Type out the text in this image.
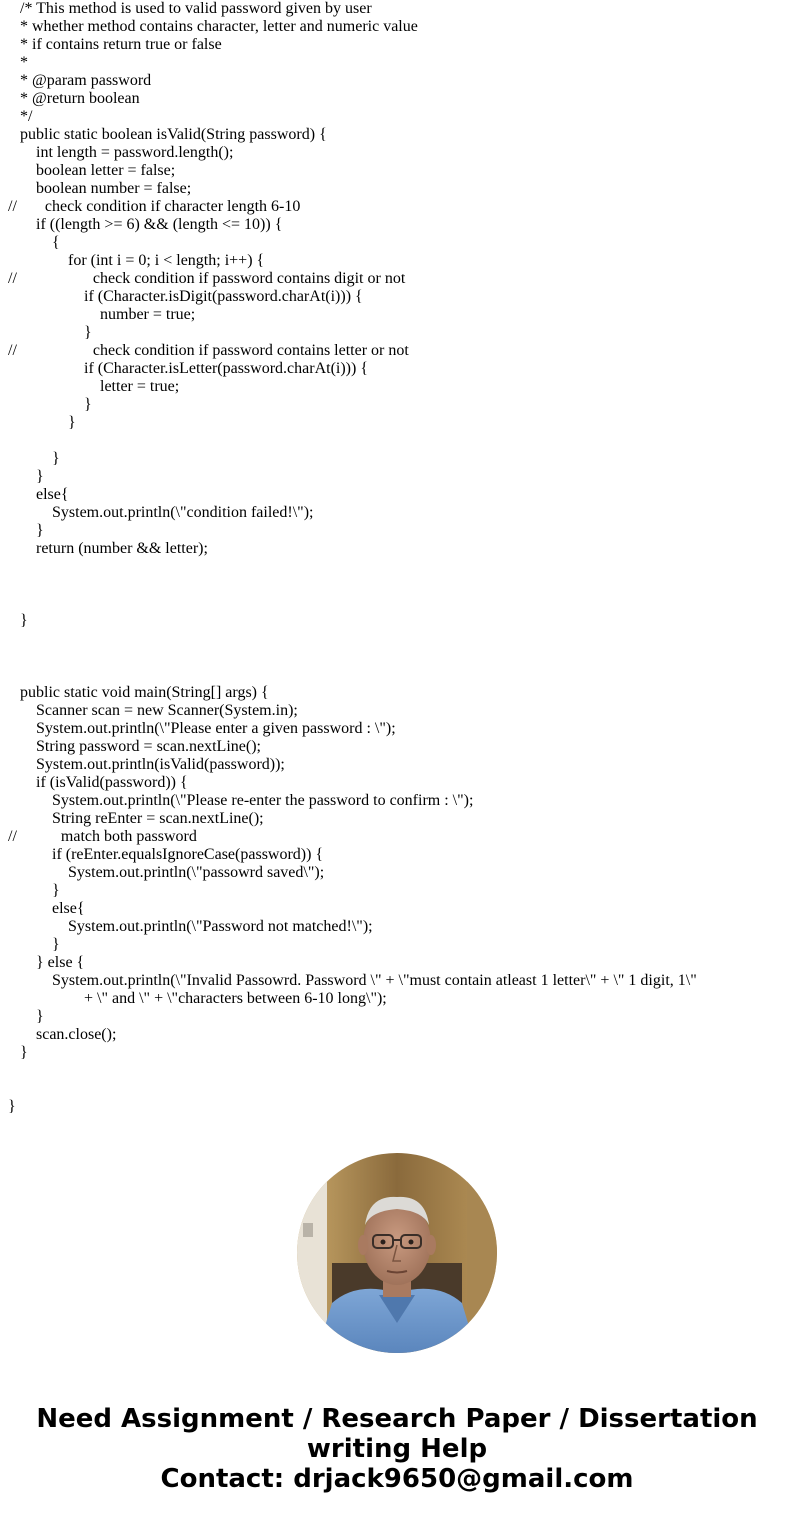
/* This method is used to valid password given by user
* whether method contains character, letter and numeric value
* if contains return true or false
*
* @param password
* @return boolean
*/
public static boolean isValid(String password) {
int length = password.length();
boolean letter = false;
boolean number = false;
//       check condition if character length 6-10
if ((length >= 6) && (length <= 10)) {
{
for (int i = 0; i < length; i++) {
//                   check condition if password contains digit or not
if (Character.isDigit(password.charAt(i))) {
number = true;
}
//                   check condition if password contains letter or not
if (Character.isLetter(password.charAt(i))) {
letter = true;
}
}
}
}
else{
System.out.println(\"condition failed!\");
}
return (number && letter);
}
public static void main(String[] args) {
Scanner scan = new Scanner(System.in);
System.out.println(\"Please enter a given password : \");
String password = scan.nextLine();
System.out.println(isValid(password));
if (isValid(password)) {
System.out.println(\"Please re-enter the password to confirm : \");
String reEnter = scan.nextLine();
//           match both password
if (reEnter.equalsIgnoreCase(password)) {
System.out.println(\"passowrd saved\");
}
else{
System.out.println(\"Password not matched!\");
}
} else {
System.out.println(\"Invalid Passowrd. Password \" + \"must contain atleast 1 letter\" + \" 1 digit, 1\"
+ \" and \" + \"characters between 6-10 long\");
}
scan.close();
}
}
Need Assignment / Research Paper / Dissertation
writing Help
Contact: drjack9650@gmail.com
